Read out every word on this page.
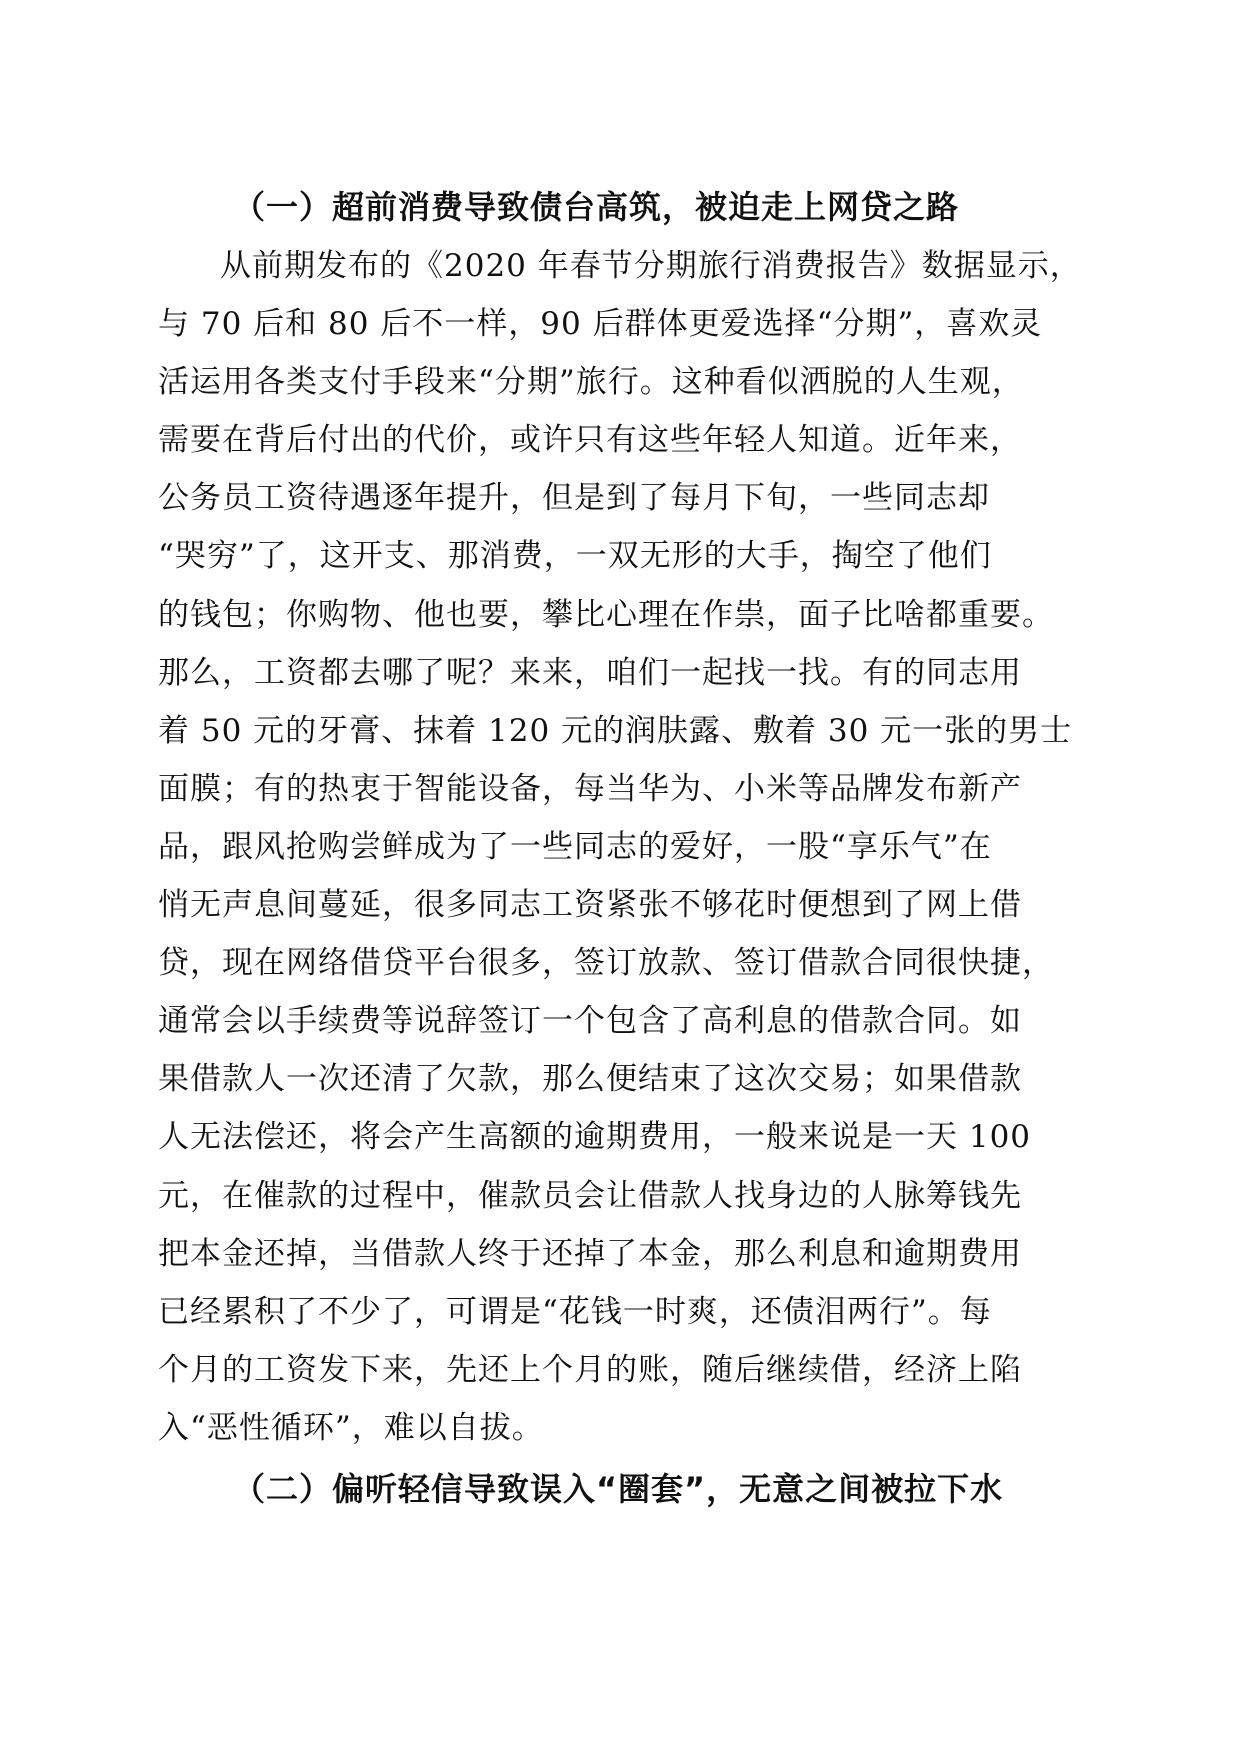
（一）超前消费导致债台高筑，被迫走上网贷之路
从前期发布的《2020 年春节分期旅行消费报告》数据显示，
与 70 后和 80 后不一样，90 后群体更爱选择“分期”，喜欢灵
活运用各类支付手段来“分期”旅行。这种看似洒脱的人生观，
需要在背后付出的代价，或许只有这些年轻人知道。近年来，
公务员工资待遇逐年提升，但是到了每月下旬，一些同志却
“哭穷”了，这开支、那消费，一双无形的大手，掏空了他们
的钱包；你购物、他也要，攀比心理在作祟，面子比啥都重要。
那么，工资都去哪了呢？来来，咱们一起找一找。有的同志用
着 50 元的牙膏、抹着 120 元的润肤露、敷着 30 元一张的男士
面膜；有的热衷于智能设备，每当华为、小米等品牌发布新产
品，跟风抢购尝鲜成为了一些同志的爱好，一股“享乐气”在
悄无声息间蔓延，很多同志工资紧张不够花时便想到了网上借
贷，现在网络借贷平台很多，签订放款、签订借款合同很快捷，
通常会以手续费等说辞签订一个包含了高利息的借款合同。如
果借款人一次还清了欠款，那么便结束了这次交易；如果借款
人无法偿还，将会产生高额的逾期费用，一般来说是一天 100
元，在催款的过程中，催款员会让借款人找身边的人脉筹钱先
把本金还掉，当借款人终于还掉了本金，那么利息和逾期费用
已经累积了不少了，可谓是“花钱一时爽，还债泪两行”。每
个月的工资发下来，先还上个月的账，随后继续借，经济上陷
入“恶性循环”，难以自拔。
（二）偏听轻信导致误入“圈套”，无意之间被拉下水
